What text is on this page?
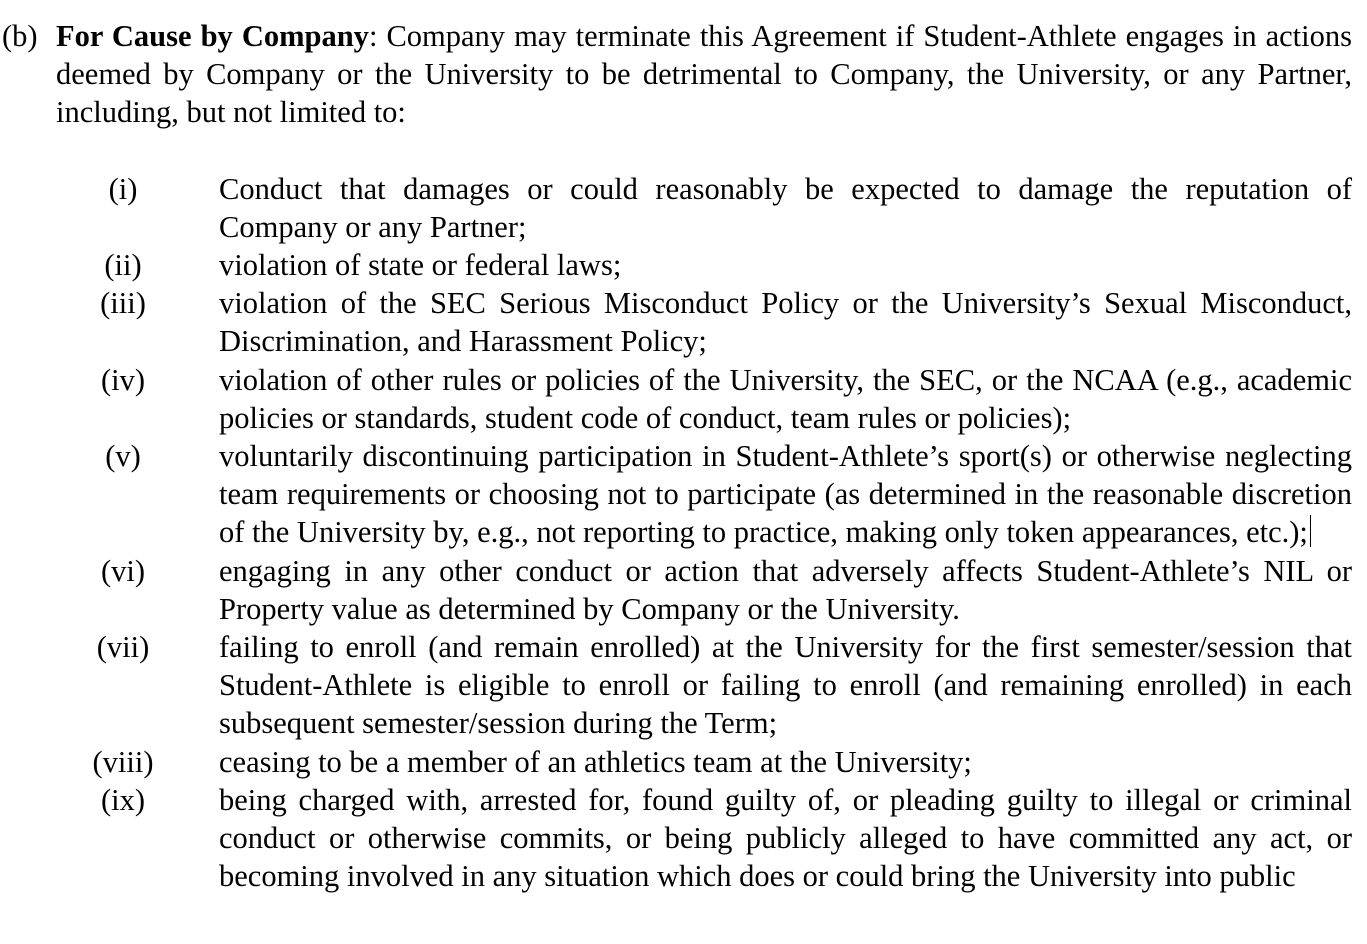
(b) For Cause by Company: Company may terminate this Agreement if Student-Athlete engages in actions deemed by Company or the University to be detrimental to Company, the University, or any Partner, including, but not limited to:

(i)	Conduct that damages or could reasonably be expected to damage the reputation of Company or any Partner;

(ii)	violation of state or federal laws;

(iii)	violation of the SEC Serious Misconduct Policy or the University’s Sexual Misconduct, Discrimination, and Harassment Policy;

(iv)	violation of other rules or policies of the University, the SEC, or the NCAA (e.g., academic policies or standards, student code of conduct, team rules or policies);

(v)	voluntarily discontinuing participation in Student-Athlete’s sport(s) or otherwise neglecting team requirements or choosing not to participate (as determined in the reasonable discretion of the University by, e.g., not reporting to practice, making only token appearances, etc.);

(vi)	engaging in any other conduct or action that adversely affects Student-Athlete’s NIL or Property value as determined by Company or the University.

(vii)	failing to enroll (and remain enrolled) at the University for the first semester/session that Student-Athlete is eligible to enroll or failing to enroll (and remaining enrolled) in each subsequent semester/session during the Term;

(viii)	ceasing to be a member of an athletics team at the University;

(ix)	being charged with, arrested for, found guilty of, or pleading guilty to illegal or criminal conduct or otherwise commits, or being publicly alleged to have committed any act, or becoming involved in any situation which does or could bring the University into public
